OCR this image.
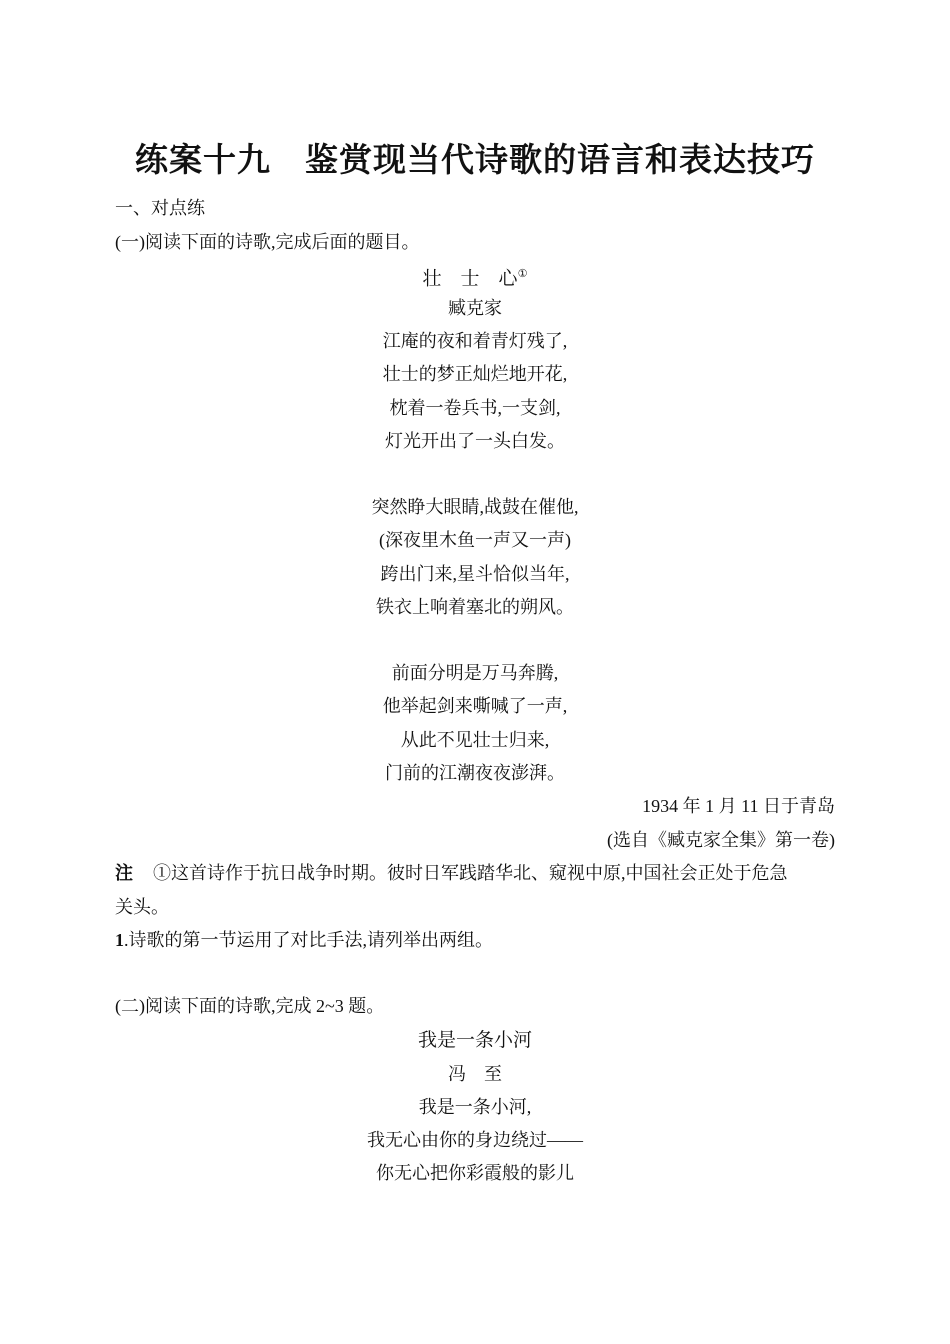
练案十九　鉴赏现当代诗歌的语言和表达技巧
一、对点练
(一)阅读下面的诗歌,完成后面的题目。
壮　士　心①
臧克家
江庵的夜和着青灯残了,
壮士的梦正灿烂地开花,
枕着一卷兵书,一支剑,
灯光开出了一头白发。
突然睁大眼睛,战鼓在催他,
(深夜里木鱼一声又一声)
跨出门来,星斗恰似当年,
铁衣上响着塞北的朔风。
前面分明是万马奔腾,
他举起剑来嘶喊了一声,
从此不见壮士归来,
门前的江潮夜夜澎湃。
1934 年 1 月 11 日于青岛
(选自《臧克家全集》第一卷)
注 ①这首诗作于抗日战争时期。彼时日军践踏华北、窥视中原,中国社会正处于危急
关头。
1.诗歌的第一节运用了对比手法,请列举出两组。
(二)阅读下面的诗歌,完成 2~3 题。
我是一条小河
冯　至
我是一条小河,
我无心由你的身边绕过——
你无心把你彩霞般的影儿
